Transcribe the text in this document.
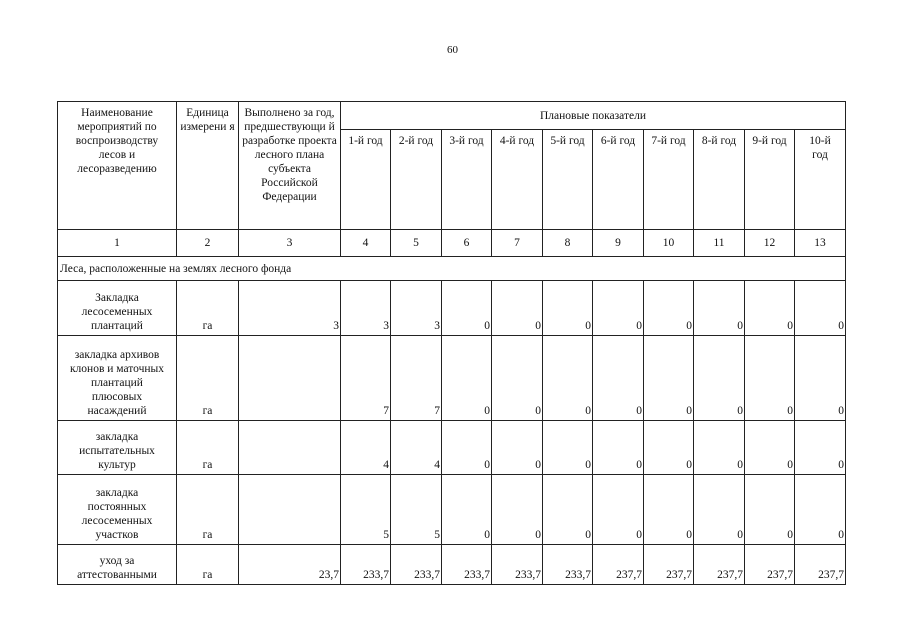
60
Наименование мероприятий по воспроизводству лесов и лесоразведению	Единица измерени я	Выполнено за год, предшествующи й разработке проекта лесного плана субъекта Российской Федерации	Плановые показатели									
			1-й год	2-й год	3-й год	4-й год	5-й год	6-й год	7-й год	8-й год	9-й год	10-й год
1	2	3	4	5	6	7	8	9	10	11	12	13
Леса, расположенные на землях лесного фонда												
Закладка лесосеменных плантаций	га	3	3	3	0	0	0	0	0	0	0	0
закладка архивов клонов и маточных плантаций плюсовых насаждений	га		7	7	0	0	0	0	0	0	0	0
закладка испытательных культур	га		4	4	0	0	0	0	0	0	0	0
закладка постоянных лесосеменных участков	га		5	5	0	0	0	0	0	0	0	0
уход за аттестованными	га	23,7	233,7	233,7	233,7	233,7	233,7	237,7	237,7	237,7	237,7	237,7
